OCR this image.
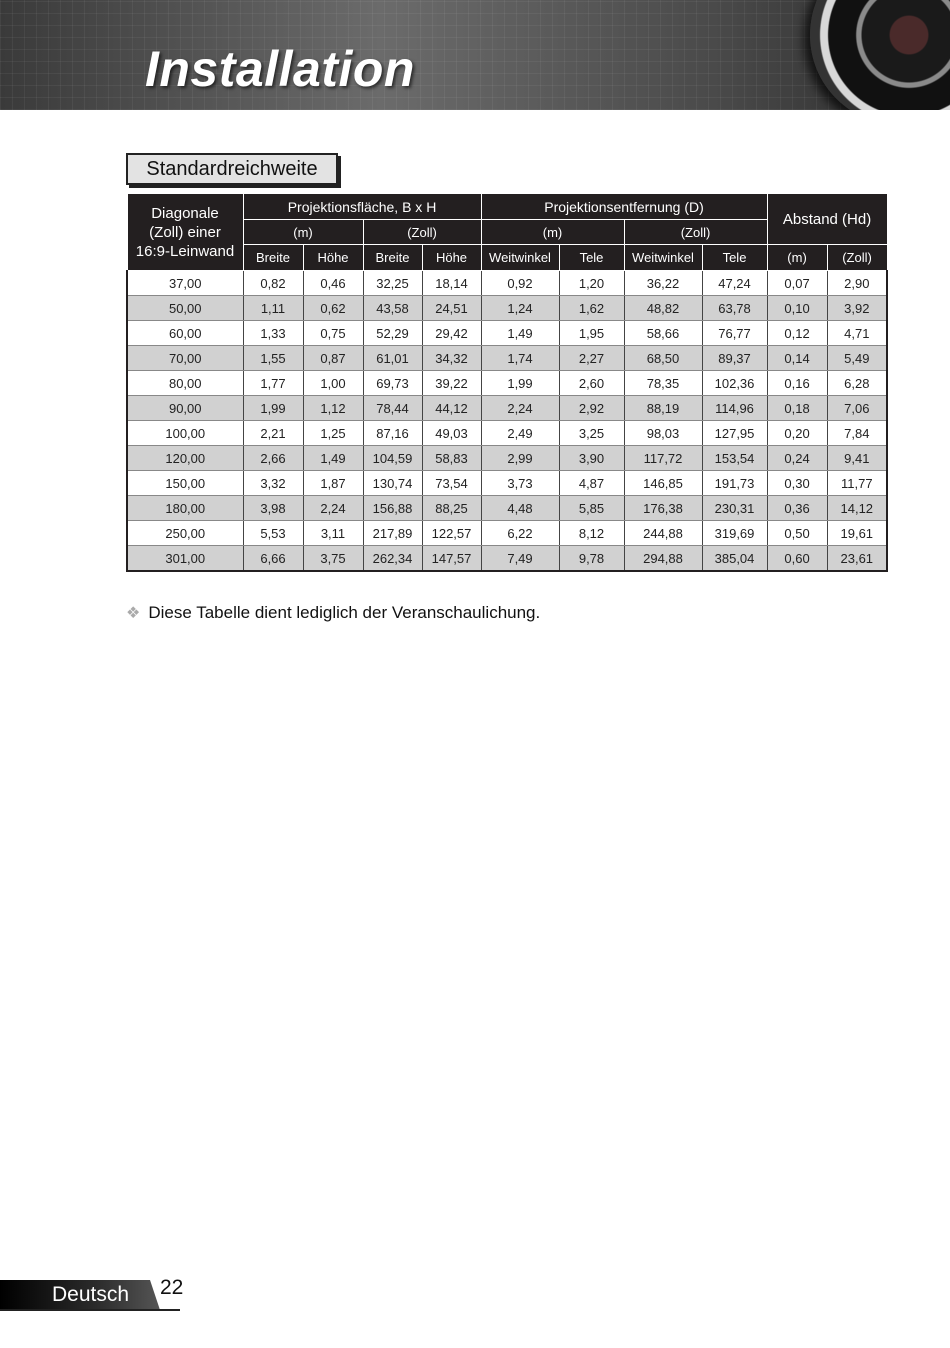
Installation
Standardreichweite
Diagonale
(Zoll) einer
16:9-Leinwand	Projektionsfläche, B x H				Projektionsentfernung (D)				Abstand (Hd)	
	(m)		(Zoll)		(m)		(Zoll)			
	Breite	Höhe	Breite	Höhe	Weitwinkel	Tele	Weitwinkel	Tele	(m)	(Zoll)
37,00	0,82	0,46	32,25	18,14	0,92	1,20	36,22	47,24	0,07	2,90
50,00	1,11	0,62	43,58	24,51	1,24	1,62	48,82	63,78	0,10	3,92
60,00	1,33	0,75	52,29	29,42	1,49	1,95	58,66	76,77	0,12	4,71
70,00	1,55	0,87	61,01	34,32	1,74	2,27	68,50	89,37	0,14	5,49
80,00	1,77	1,00	69,73	39,22	1,99	2,60	78,35	102,36	0,16	6,28
90,00	1,99	1,12	78,44	44,12	2,24	2,92	88,19	114,96	0,18	7,06
100,00	2,21	1,25	87,16	49,03	2,49	3,25	98,03	127,95	0,20	7,84
120,00	2,66	1,49	104,59	58,83	2,99	3,90	117,72	153,54	0,24	9,41
150,00	3,32	1,87	130,74	73,54	3,73	4,87	146,85	191,73	0,30	11,77
180,00	3,98	2,24	156,88	88,25	4,48	5,85	176,38	230,31	0,36	14,12
250,00	5,53	3,11	217,89	122,57	6,22	8,12	244,88	319,69	0,50	19,61
301,00	6,66	3,75	262,34	147,57	7,49	9,78	294,88	385,04	0,60	23,61
❖ Diese Tabelle dient lediglich der Veranschaulichung.
Deutsch 22
